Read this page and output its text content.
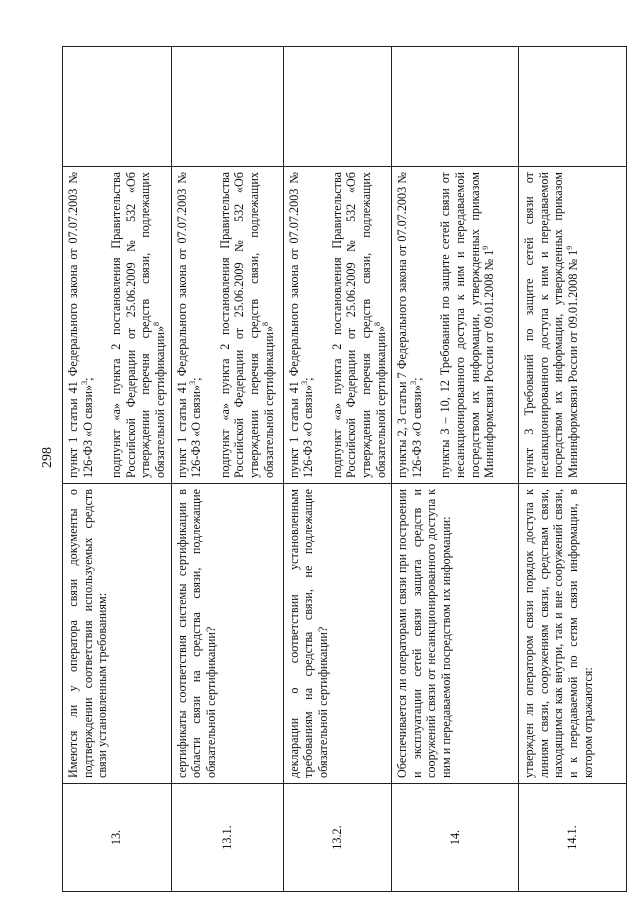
298
13.	Имеются ли у оператора связи документы о подтверждении соответствия используемых средств связи установленным требованиям:	пункт 1 статьи 41 Федерального закона от 07.07.2003 № 126-ФЗ «О связи»$^3$; подпункт «а» пункта 2 постановления Правительства Российской Федерации от 25.06.2009 № 532 «Об утверждении перечня средств связи, подлежащих обязательной сертификации»$^8$

13.1.	сертификаты соответствия системы сертификации в области связи на средства связи, подлежащие обязательной сертификации?	пункт 1 статьи 41 Федерального закона от 07.07.2003 № 126-ФЗ «О связи»$^3$; подпункт «а» пункта 2 постановления Правительства Российской Федерации от 25.06.2009 № 532 «Об утверждении перечня средств связи, подлежащих обязательной сертификации»$^8$

13.2.	декларации о соответствии установленным требованиям на средства связи, не подлежащие обязательной сертификации?	пункт 1 статьи 41 Федерального закона от 07.07.2003 № 126-ФЗ «О связи»$^3$; подпункт «а» пункта 2 постановления Правительства Российской Федерации от 25.06.2009 № 532 «Об утверждении перечня средств связи, подлежащих обязательной сертификации»$^8$

14.	Обеспечивается ли операторами связи при построении и эксплуатации сетей связи защита средств и сооружений связи от несанкционированного доступа к ним и передаваемой посредством их информации:	пункты 2, 3 статьи 7 Федерального закона от 07.07.2003 № 126-ФЗ «О связи»$^3$; пункты 3 – 10, 12 Требований по защите сетей связи от несанкционированного доступа к ним и передаваемой посредством их информации, утвержденных приказом Мининформсвязи России от 09.01.2008 № $1^9$

14.1.	утвержден ли оператором связи порядок доступа к линиям связи, сооружениям связи, средствам связи, находящимся как внутри, так и вне сооружений связи, и к передаваемой по сетям связи информации, в котором отражаются:	пункт 3 Требований по защите сетей связи от несанкционированного доступа к ним и передаваемой посредством их информации, утвержденных приказом Мининформсвязи России от 09.01.2008 № $1^9$
